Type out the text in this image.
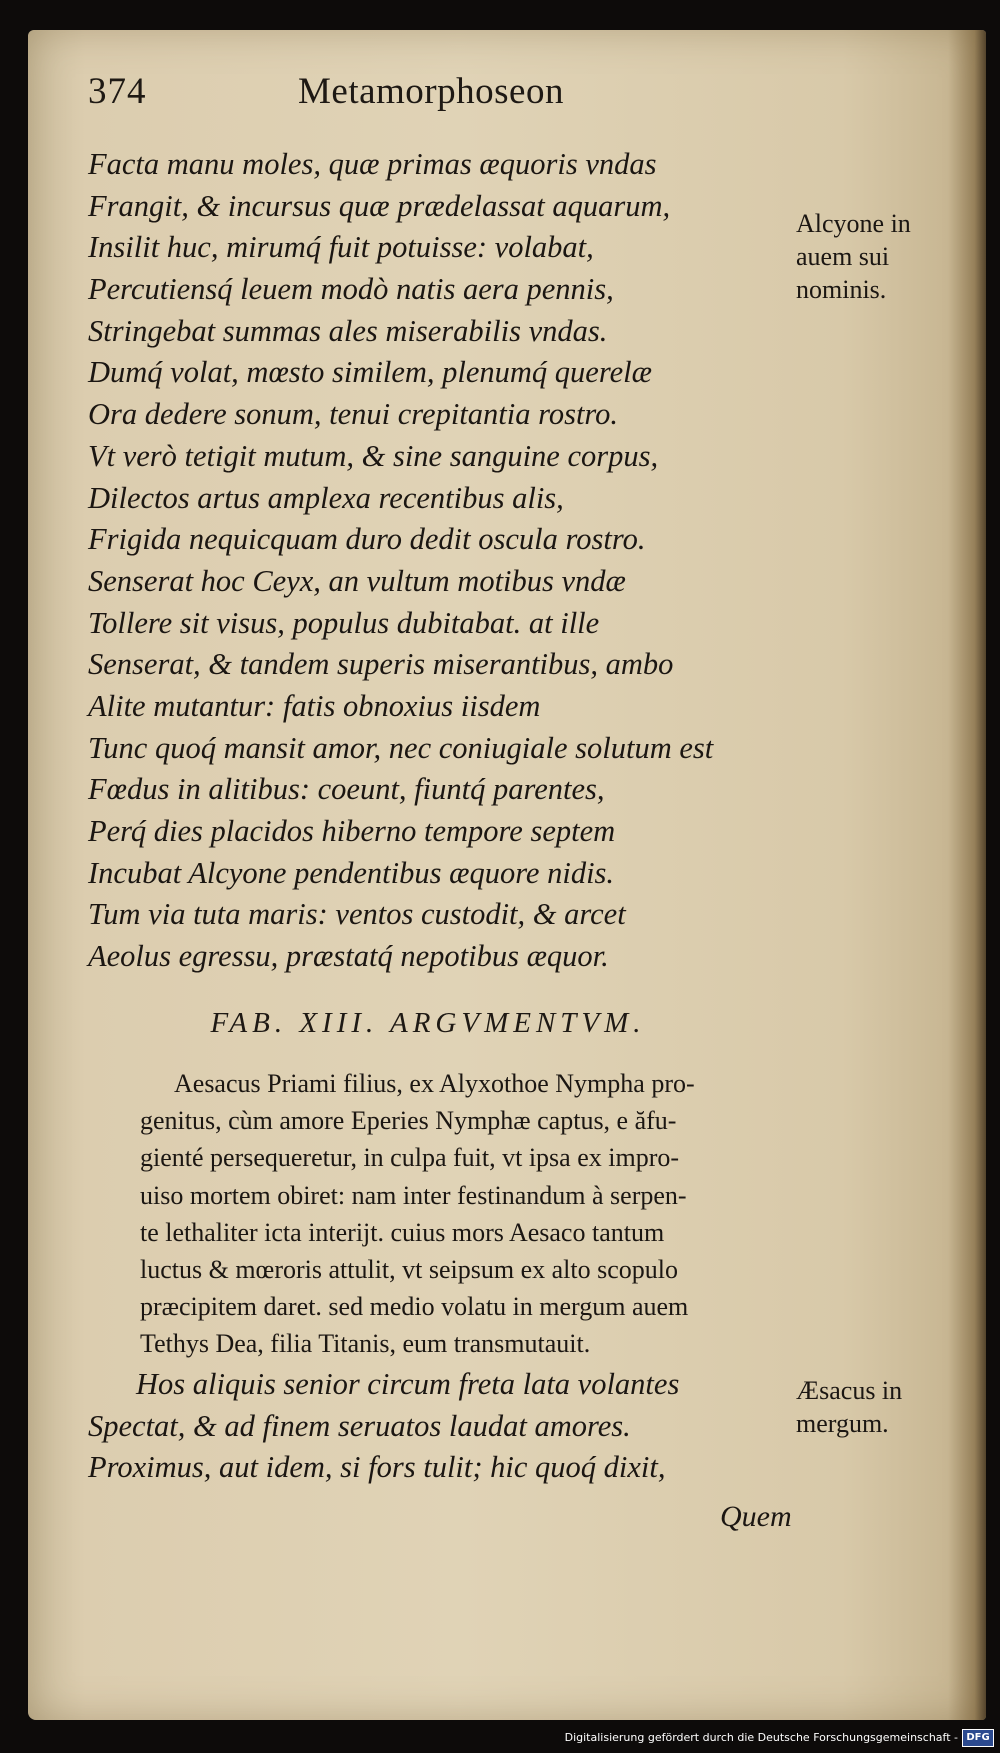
374	Metamorphoseon
Facta manu moles, quæ primas æquoris vndas
Frangit, & incursus quæ prædelassat aquarum,
Insilit huc, mirumq́ fuit potuisse: volabat,
Percutiensq́ leuem modò natis aera pennis,
Stringebat summas ales miserabilis vndas.
Dumq́ volat, mœsto similem, plenumq́ querelæ
Ora dedere sonum, tenui crepitantia rostro.
Vt verò tetigit mutum, & sine sanguine corpus,
Dilectos artus amplexa recentibus alis,
Frigida nequicquam duro dedit oscula rostro.
Senserat hoc Ceyx, an vultum motibus vndæ
Tollere sit visus, populus dubitabat. at ille
Senserat, & tandem superis miserantibus, ambo
Alite mutantur: fatis obnoxius iisdem
Tunc quoq́ mansit amor, nec coniugiale solutum est
Fœdus in alitibus: coeunt, fiuntq́ parentes,
Perq́ dies placidos hiberno tempore septem
Incubat Alcyone pendentibus æquore nidis.
Tum via tuta maris: ventos custodit, & arcet
Aeolus egressu, præstatq́ nepotibus æquor.
Alcyone in
auem sui
nominis.
FAB. XIII. ARGVMENTVM.
Aesacus Priami filius, ex Alyxothoe Nympha pro-
genitus, cùm amore Eperies Nymphæ captus, e ăfu-
gienté persequeretur, in culpa fuit, vt ipsa ex impro-
uiso mortem obiret: nam inter festinandum à serpen-
te lethaliter icta interijt. cuius mors Aesaco tantum
luctus & mœroris attulit, vt seipsum ex alto scopulo
præcipitem daret. sed medio volatu in mergum auem
Tethys Dea, filia Titanis, eum transmutauit.
Hos aliquis senior circum freta lata volantes
Spectat, & ad finem seruatos laudat amores.
Proximus, aut idem, si fors tulit; hic quoq́ dixit,
Æsacus in
mergum.
Quem
Digitalisierung gefördert durch die Deutsche Forschungsgemeinschaft - DFG
